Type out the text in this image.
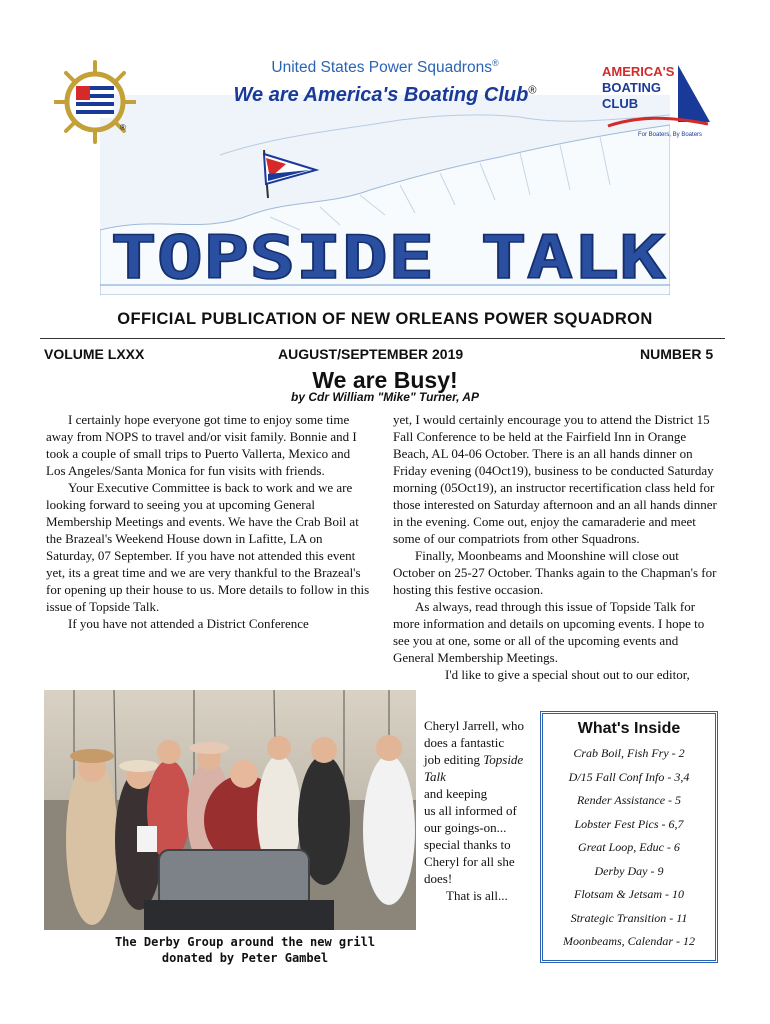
®
AMERICA'S
BOATING
CLUB
For Boaters, By Boaters
United States Power Squadrons®
We are America's Boating Club®
TOPSIDE TALK
OFFICIAL PUBLICATION OF NEW ORLEANS POWER SQUADRON
VOLUME LXXX	AUGUST/SEPTEMBER 2019	NUMBER 5
We are Busy!
by Cdr William "Mike" Turner, AP

I certainly hope everyone got time to enjoy some time away from NOPS to travel and/or visit family. Bonnie and I took a couple of small trips to Puerto Vallerta, Mexico and Los Angeles/Santa Monica for fun visits with friends.

Your Executive Committee is back to work and we are looking forward to seeing you at upcoming General Membership Meetings and events. We have the Crab Boil at the Brazeal's Weekend House down in Lafitte, LA on Saturday, 07 September. If you have not attended this event yet, its a great time and we are very thankful to the Brazeal's for opening up their house to us. More details to follow in this issue of Topside Talk.

If you have not attended a District Conference

yet, I would certainly encourage you to attend the District 15 Fall Conference to be held at the Fairfield Inn in Orange Beach, AL 04-06 October. There is an all hands dinner on Friday evening (04Oct19), business to be conducted Saturday morning (05Oct19), an instructor recertification class held for those interested on Saturday afternoon and an all hands dinner in the evening. Come out, enjoy the camaraderie and meet some of our compatriots from other Squadrons.

Finally, Moonbeams and Moonshine will close out October on 25-27 October. Thanks again to the Chapman's for hosting this festive occasion.

As always, read through this issue of Topside Talk for more information and details on upcoming events. I hope to see you at one, some or all of the upcoming events and General Membership Meetings.

I'd like to give a special shout out to our editor,

Cheryl Jarrell, who
does a fantastic
job editing Topside Talk
and keeping
us all informed of
our goings-on...
special thanks to
Cheryl for all she
does!
That is all...
The Derby Group around the new grill
donated by Peter Gambel
What's Inside
Crab Boil, Fish Fry - 2
D/15 Fall Conf Info - 3,4
Render Assistance - 5
Lobster Fest Pics - 6,7
Great Loop, Educ - 6
Derby Day - 9
Flotsam & Jetsam - 10
Strategic Transition - 11
Moonbeams, Calendar - 12
